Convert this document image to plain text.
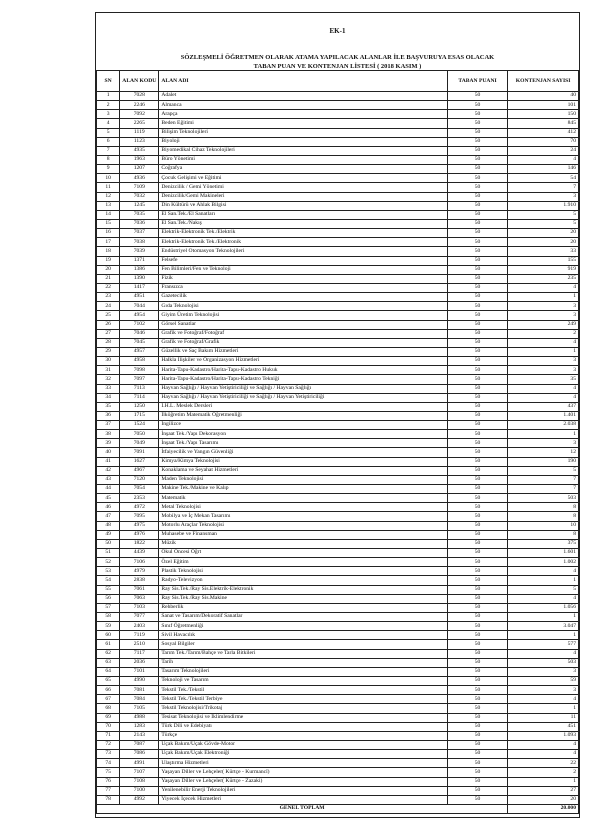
EK-1
SÖZLEŞMELİ ÖĞRETMEN OLARAK ATAMA YAPILACAK ALANLAR İLE BAŞVURUYA ESAS OLACAK
TABAN PUAN VE KONTENJAN LİSTESİ ( 2018 KASIM )
SN	ALAN KODU	ALAN ADI	TABAN PUANI	KONTENJAN SAYISI
1	7028	Adalet	50	40
2	2246	Almanca	50	101
3	7092	Arapça	50	150
4	2265	Beden Eğitimi	50	845
5	1119	Bilişim Teknolojileri	50	412
6	1123	Biyoloji	50	70
7	4935	Biyomedikal Cihaz Teknolojileri	50	24
8	1963	Büro Yönetimi	50	4
9	1207	Coğrafya	50	146
10	4936	Çocuk Gelişimi ve Eğitimi	50	54
11	7109	Denizcilik / Gemi Yönetimi	50	7
12	7032	Denizcilik/Gemi Makineleri	50	3
13	1245	Din Kültürü ve Ahlak Bilgisi	50	1.910
14	7035	El San.Tek./El Sanatları	50	5
15	7036	El San.Tek./Nakış	50	5
16	7037	Elektrik-Elektronik Tek./Elektrik	50	20
17	7038	Elektrik-Elektronik Tek./Elektronik	50	20
18	7039	Endüstriyel Otomasyon Teknolojileri	50	33
19	1371	Felsefe	50	155
20	1386	Fen Bilimleri/Fen ve Teknoloji	50	919
21	1390	Fizik	50	235
22	1417	Fransızca	50	4
23	4951	Gazetecilik	50	1
24	7044	Gıda Teknolojisi	50	3
25	4954	Giyim Üretim Teknolojisi	50	3
26	7102	Görsel Sanatlar	50	249
27	7046	Grafik ve Fotoğraf/Fotoğraf	50	2
28	7045	Grafik ve Fotoğraf/Grafik	50	4
29	4957	Güzellik ve Saç Bakım Hizmetleri	50	1
30	4958	Halkla İlişkiler ve Organizasyon Hizmetleri	50	3
31	7098	Harita-Tapu-Kadastro/Harita-Tapu-Kadastro Hukuk	50	3
32	7097	Harita-Tapu-Kadastro/Harita-Tapu-Kadastro Tekniği	50	35
33	7113	Hayvan Sağlığı / Hayvan Yetiştiriciliği ve Sağlığı / Hayvan Sağlığı	50	4
34	7114	Hayvan Sağlığı / Hayvan Yetiştiriciliği ve Sağlığı / Hayvan Yetiştiriciliği	50	4
35	1250	İ.H.L. Meslek Dersleri	50	437
36	1715	İlköğretim Matematik Öğretmenliği	50	1.401
37	1524	İngilizce	50	2.038
38	7050	İnşaat Tek./Yapı Dekorasyon	50	1
39	7049	İnşaat Tek./Yapı Tasarımı	50	3
40	7091	İtfaiyecilik ve Yangın Güvenliği	50	12
41	1627	Kimya/Kimya Teknolojisi	50	190
42	4967	Konaklama ve Seyahat Hizmetleri	50	5
43	7120	Maden Teknolojisi	50	7
44	7054	Makine Tek./Makine ve Kalıp	50	7
45	2353	Matematik	50	503
46	4972	Metal Teknolojisi	50	8
47	7095	Mobilya ve İç Mekan Tasarımı	50	8
48	4975	Motorlu Araçlar Teknolojisi	50	10
49	4976	Muhasebe ve Finansman	50	8
50	1822	Müzik	50	375
51	4439	Okul Öncesi Öğrt	50	1.601
52	7106	Özel Eğitim	50	1.002
53	4979	Plastik Teknolojisi	50	4
54	2838	Radyo-Televizyon	50	1
55	7061	Ray Sis.Tek./Ray Sis.Elektrik-Elektronik	50	5
56	7063	Ray Sis.Tek./Ray Sis.Makine	50	4
57	7103	Rehberlik	50	1.056
58	7077	Sanat ve Tasarım/Dekoratif Sanatlar	50	1
59	2403	Sınıf Öğretmenliği	50	3.047
60	7119	Sivil Havacılık	50	1
61	2510	Sosyal Bilgiler	50	577
62	7117	Tarım Tek./Tarım/Bahçe ve Tarla Bitkileri	50	4
63	2036	Tarih	50	503
64	7101	Tasarım Teknolojileri	50	3
65	4990	Teknoloji ve Tasarım	50	59
66	7081	Tekstil Tek./Tekstil	50	3
67	7084	Tekstil Tek./Tekstil Terbiye	50	4
68	7105	Tekstil Teknolojisi/Trikotaj	50	1
69	4988	Tesisat Teknolojisi ve İklimlendirme	50	11
70	1283	Türk Dili ve Edebiyatı	50	451
71	2143	Türkçe	50	1.093
72	7087	Uçak Bakım/Uçak Gövde-Motor	50	4
73	7086	Uçak Bakım/Uçak Elektroniği	50	4
74	4991	Ulaştırma Hizmetleri	50	22
75	7107	Yaşayan Diller ve Lehçeler( Kürtçe - Kurmancî)	50	2
76	7108	Yaşayan Diller ve Lehçeler( Kürtçe - Zazaki)	50	1
77	7100	Yenilenebilir Enerji Teknolojileri	50	27
78	4992	Yiyecek İçecek Hizmetleri	50	20
GENEL TOPLAM				20.000
